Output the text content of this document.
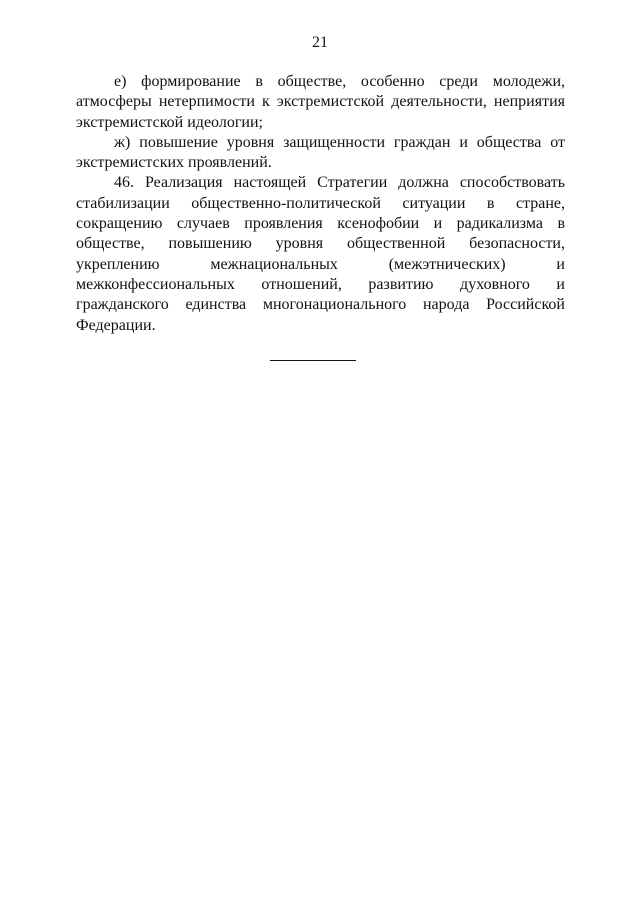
21

е) формирование в обществе, особенно среди молодежи, атмосферы нетерпимости к экстремистской деятельности, неприятия экстремистской идеологии;

ж) повышение уровня защищенности граждан и общества от экстремистских проявлений.

46. Реализация настоящей Стратегии должна способствовать стабилизации общественно-политической ситуации в стране, сокращению случаев проявления ксенофобии и радикализма в обществе, повышению уровня общественной безопасности, укреплению межнациональных (межэтнических) и межконфессиональных отношений, развитию духовного и гражданского единства многонационального народа Российской Федерации.
